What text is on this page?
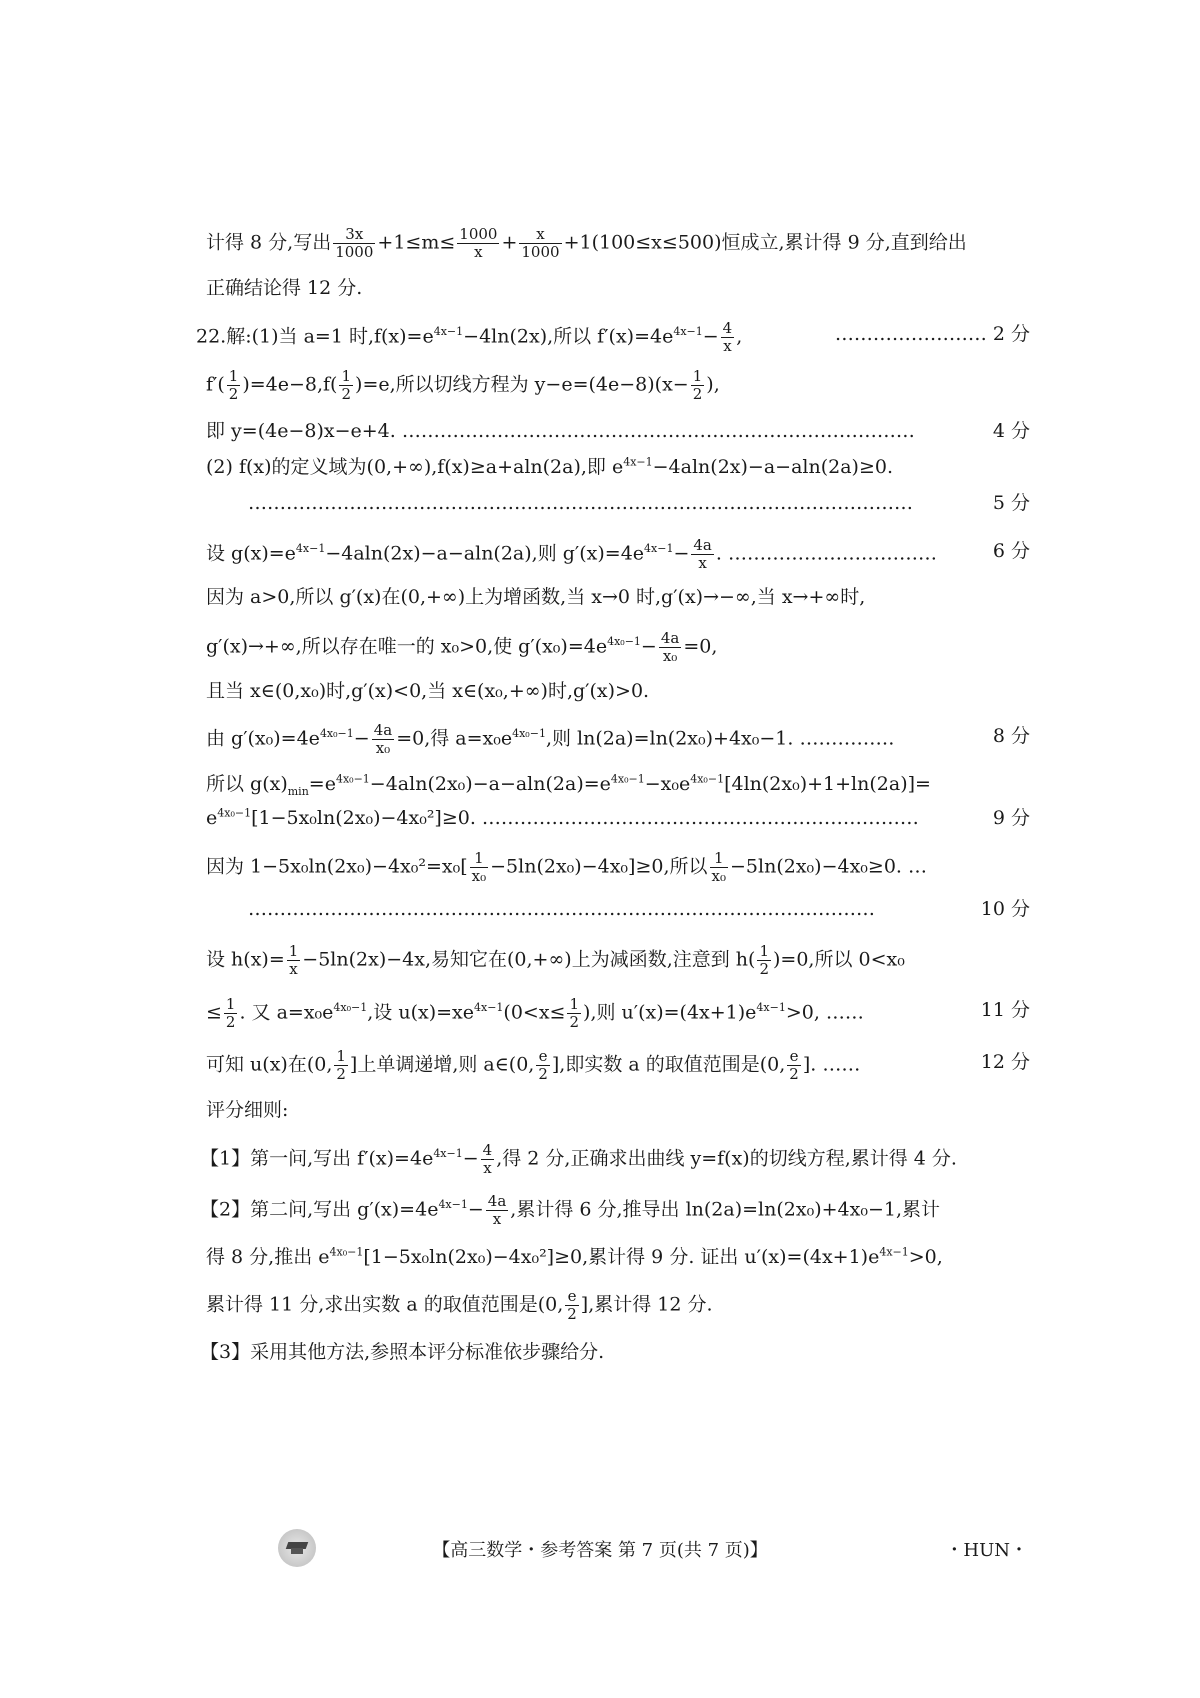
计得 8 分,写出 $\frac{3x}{1000} +1\le m\le \frac{1000}{x} + \frac{x}{1000} +1(100\le x\le 500)$恒成立,累计得 9 分,直到给出
正确结论得 12 分.
22.解:(1)当 a=1 时$,f(x)=e^{4x-1}-4\ln(2x)$,所以 $f'(x)=4e^{4x-1}- \frac{4}{x}$ ,	…………………… 2 分
$f'( \frac{1}{2} )=4e-8,f( \frac{1}{2} )=e$,所以切线方程为 $y-e=(4e-8)(x- \frac{1}{2}$ ),
即 y=(4e−8)x−e+4. ………………………………………………………………………	4 分
(2) f(x)的定义域为(0,+∞),f(x)≥a+aln(2a),即 $e^{4x-1}-4aln(2x)-a-aln(2a)\ge 0$.
……………………………………………………………………………………………	5 分
设 $g(x)=e^{4x-1}-4aln(2x)-a-aln(2a)$,则 $g'(x)=4e^{4x-1}- \frac{4a}{x}$ . ……………………………	6 分
因为 a>0,所以 g′(x)在(0,+∞)上为增函数,当 x→0 时,g′(x)→−∞,当 x→+∞时,
g′(x)→+∞,所以存在唯一的 x₀>0,使 $g'(x_0)=4e^{4x_0-1}- \frac{4a}{\text{x₀}} =0$,
且当 x∈(0,x₀)时,g′(x)<0,当 x∈(x₀,+∞)时,g′(x)>0.
由 $g'(x_0)=4e^{4x_0-1}- \frac{4a}{\text{x₀}} =0$,得 $a=x_0e^{4x_0-1}$,则 ln(2a)=ln(2x₀)+4x₀−1. ……………	8 分
所以 $g(x)_{min}=e^{4x_0-1}-4aln(2x_0)-a-aln(2a)=e^{4x_0-1}-x_0e^{4x_0-1}[4\ln(2x_0)+1+\ln(2a)]=$
$e^{4x_0-1}[1-5x_0\ln(2x_0)-4x_0^2]\ge 0$. ……………………………………………………………	9 分
因为 $1-5x_0\ln(2x_0)-4x_0^2=x_0[ \frac{1}{\text{x₀}} -5\ln(2x_0)-4x_0]\ge 0$,所以 $\frac{1}{\text{x₀}} -5\ln(2x_0)-4x_0\ge 0$. …
………………………………………………………………………………………	10 分
设 $h(x)= \frac{1}{x} -5\ln(2x)-4x$,易知它在(0,+∞)上为减函数,注意到 $h( \frac{1}{2} )=0$,所以 0<x₀
≤ $\frac{1}{2}$ . 又 $a=x_0e^{4x_0-1}$,设 $u(x)=xe^{4x-1}(0<x\le \frac{1}{2}$ ),则 $u'(x)=(4x+1)e^{4x-1}>0$, ……	11 分
可知 u(x)在(0, $\frac{1}{2}$ ]上单调递增,则 a∈(0, $\frac{e}{2}$ ],即实数 a 的取值范围是(0, $\frac{e}{2}$ ]. ……	12 分
评分细则:
【1】第一问,写出 $f'(x)=4e^{4x-1}- \frac{4}{x}$ ,得 2 分,正确求出曲线 y=f(x)的切线方程,累计得 4 分.
【2】第二问,写出 $g'(x)=4e^{4x-1}- \frac{4a}{x}$ ,累计得 6 分,推导出 ln(2a)=ln(2x₀)+4x₀−1,累计
得 8 分,推出 $e^{4x_0-1}[1-5x_0\ln(2x_0)-4x_0^2]\ge 0$,累计得 9 分. 证出 $u'(x)=(4x+1)e^{4x-1}>0$,
累计得 11 分,求出实数 a 的取值范围是(0, $\frac{e}{2}$ ],累计得 12 分.
【3】采用其他方法,参照本评分标准依步骤给分.
【高三数学・参考答案 第 7 页(共 7 页)】	・HUN・
